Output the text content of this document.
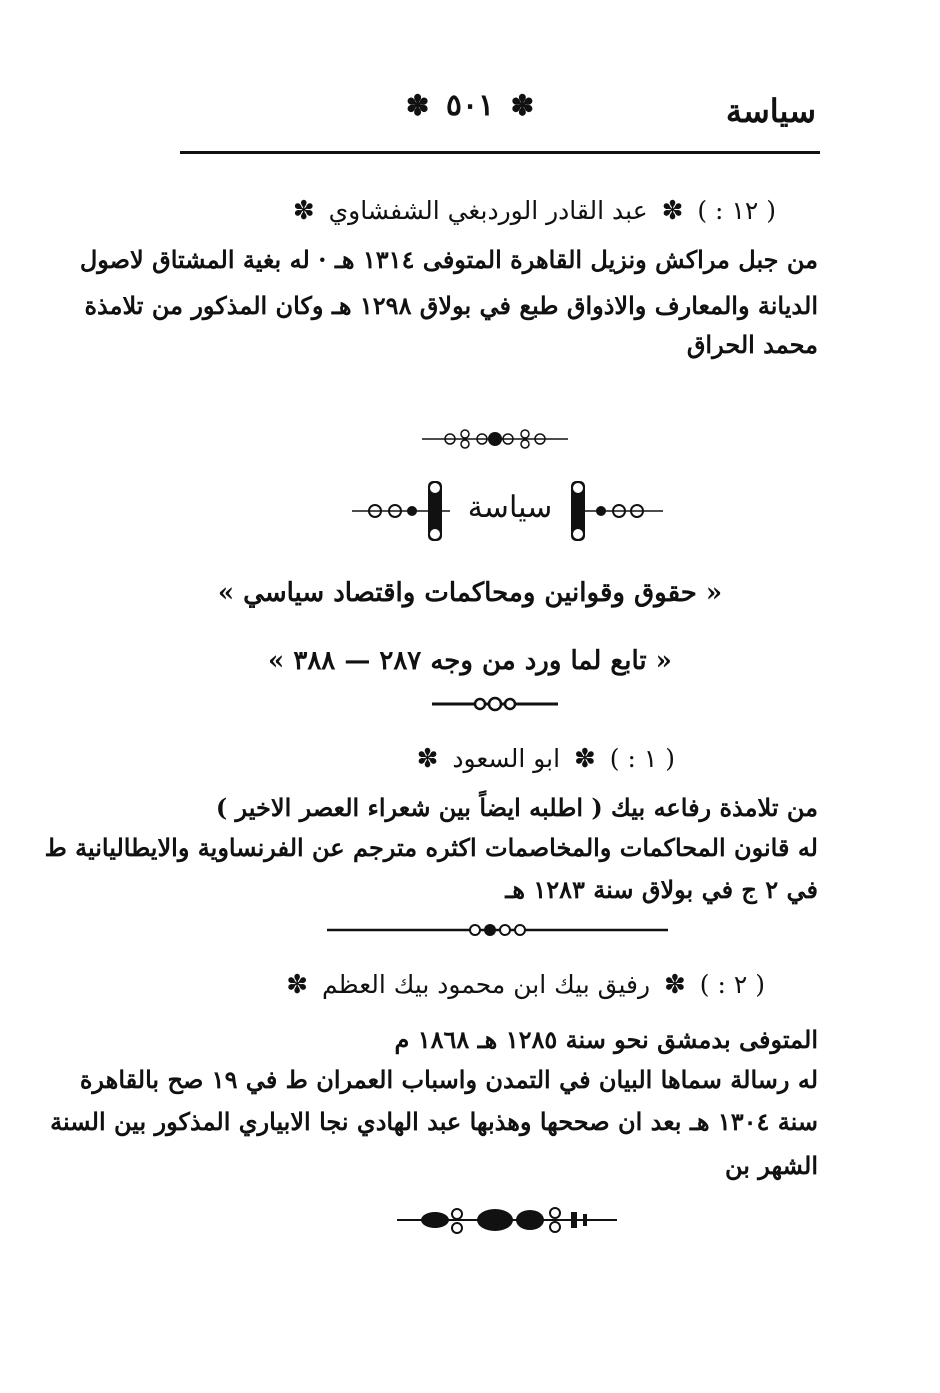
سياسة
✽ ٥٠١ ✽
( ١٢ : ) ✽ عبد القادر الوردبغي الشفشاوي ✽
من جبل مراكش ونزيل القاهرة المتوفى ١٣١٤ هـ · له بغية المشتاق لاصول
الديانة والمعارف والاذواق طبع في بولاق ١٢٩٨ هـ وكان المذكور من تلامذة
محمد الحراق
سياسة
« حقوق وقوانين ومحاكمات واقتصاد سياسي »
« تابع لما ورد من وجه ٢٨٧ — ٣٨٨ »
( ١ : ) ✽ ابو السعود ✽
من تلامذة رفاعه بيك ( اطلبه ايضاً بين شعراء العصر الاخير )
له قانون المحاكمات والمخاصمات اكثره مترجم عن الفرنساوية والايطاليانية ط
في ٢ ج في بولاق سنة ١٢٨٣ هـ
( ٢ : ) ✽ رفيق بيك ابن محمود بيك العظم ✽
المتوفى بدمشق نحو سنة ١٢٨٥ هـ ١٨٦٨ م
له رسالة سماها البيان في التمدن واسباب العمران ط في ١٩ صح بالقاهرة
سنة ١٣٠٤ هـ بعد ان صححها وهذبها عبد الهادي نجا الابياري المذكور بين السنة
الشهر بن
